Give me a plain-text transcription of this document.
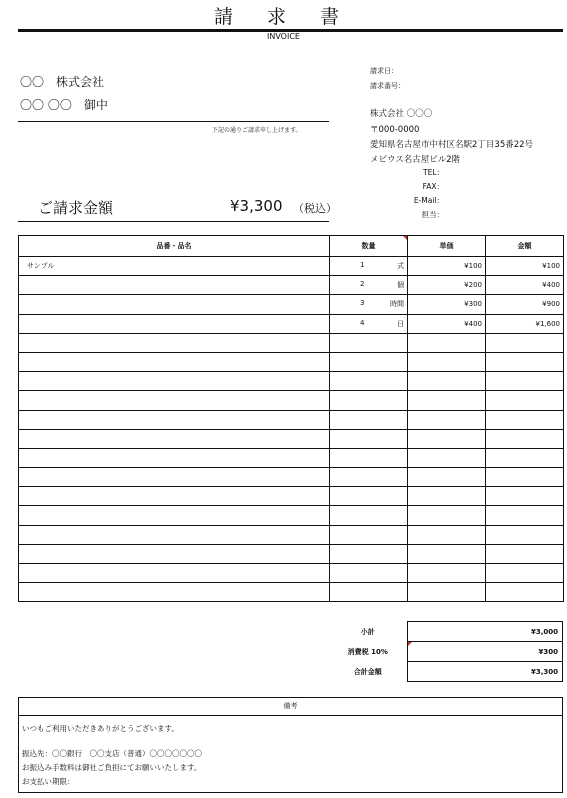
請 求 書
INVOICE
〇〇　株式会社
〇〇 〇〇　御中
下記の通りご請求申し上げます。
ご請求金額	¥3,300 （税込）
請求日：
請求番号：
株式会社 〇〇〇
〒000-0000
愛知県名古屋市中村区名駅2丁目35番22号
メビウス名古屋ビル2階
TEL：
FAX：
E-Mail：
担当：
品番・品名	数量	単価	金額
サンプル	1 式	¥100	¥100

	2 個	¥200	¥400

	3 時間	¥300	¥900

	4 日	¥400	¥1,600

小計	¥3,000
消費税 10%	¥300
合計金額	¥3,300
備考
いつもご利用いただきありがとうございます。
振込先：〇〇銀行　〇〇支店（普通）〇〇〇〇〇〇〇
お振込み手数料は御社ご負担にてお願いいたします。
お支払い期限：
